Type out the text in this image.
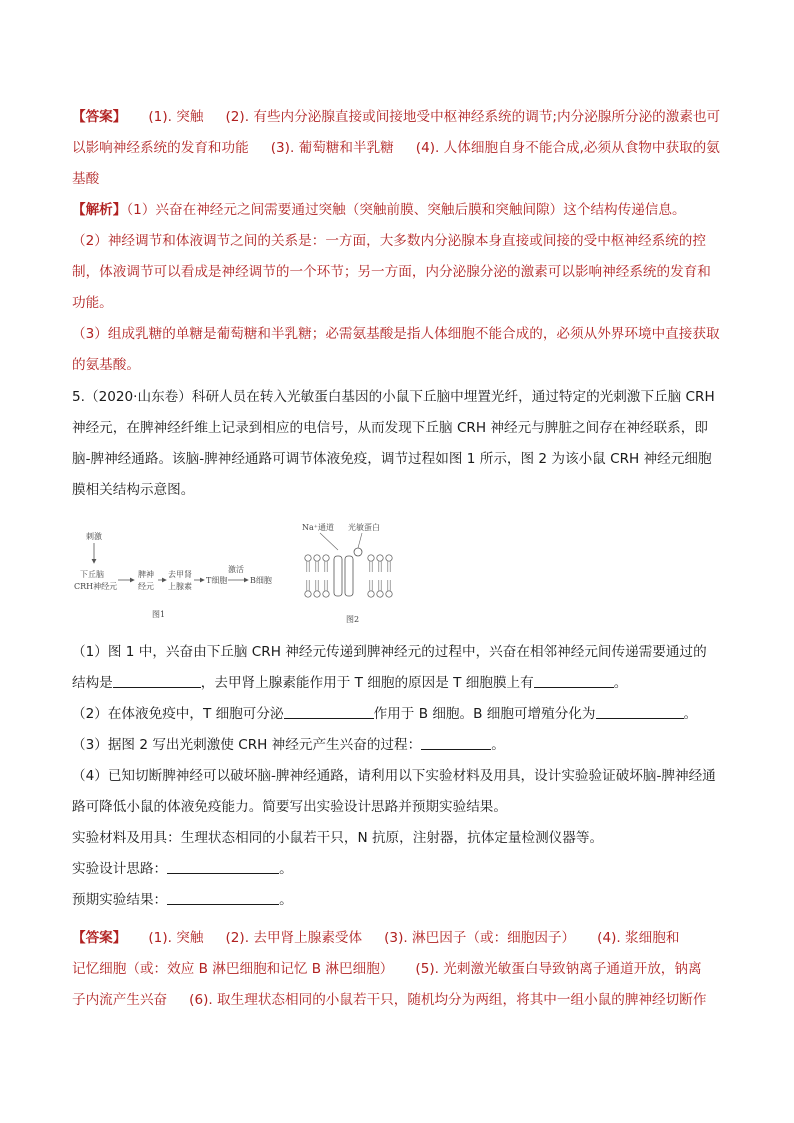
【答案】 (1). 突触 (2). 有些内分泌腺直接或间接地受中枢神经系统的调节;内分泌腺所分泌的激素也可以影响神经系统的发育和功能 (3). 葡萄糖和半乳糖 (4). 人体细胞自身不能合成,必须从食物中获取的氨基酸
【解析】（1）兴奋在神经元之间需要通过突触（突触前膜、突触后膜和突触间隙）这个结构传递信息。
（2）神经调节和体液调节之间的关系是：一方面，大多数内分泌腺本身直接或间接的受中枢神经系统的控制，体液调节可以看成是神经调节的一个环节；另一方面，内分泌腺分泌的激素可以影响神经系统的发育和功能。
（3）组成乳糖的单糖是葡萄糖和半乳糖；必需氨基酸是指人体细胞不能合成的，必须从外界环境中直接获取的氨基酸。
5.（2020·山东卷）科研人员在转入光敏蛋白基因的小鼠下丘脑中埋置光纤，通过特定的光刺激下丘脑 CRH 神经元，在脾神经纤维上记录到相应的电信号，从而发现下丘脑 CRH 神经元与脾脏之间存在神经联系，即脑-脾神经通路。该脑-脾神经通路可调节体液免疫，调节过程如图 1 所示，图 2 为该小鼠 CRH 神经元细胞膜相关结构示意图。
刺激
下丘脑
CRH神经元
脾神
经元
去甲肾
上腺素
T细胞
激活
B细胞
图1
Na⁺通道 光敏蛋白
图2
（1）图 1 中，兴奋由下丘脑 CRH 神经元传递到脾神经元的过程中，兴奋在相邻神经元间传递需要通过的
结构是	，去甲肾上腺素能作用于 T 细胞的原因是 T 细胞膜上有	。
（2）在体液免疫中，T 细胞可分泌	作用于 B 细胞。B 细胞可增殖分化为	。
（3）据图 2 写出光刺激使 CRH 神经元产生兴奋的过程：	。
（4）已知切断脾神经可以破坏脑-脾神经通路，请利用以下实验材料及用具，设计实验验证破坏脑-脾神经通路可降低小鼠的体液免疫能力。简要写出实验设计思路并预期实验结果。
实验材料及用具：生理状态相同的小鼠若干只，N 抗原，注射器，抗体定量检测仪器等。
实验设计思路：	。
预期实验结果：	。
【答案】 (1). 突触 (2). 去甲肾上腺素受体 (3). 淋巴因子（或：细胞因子） (4). 浆细胞和
记忆细胞（或：效应 B 淋巴细胞和记忆 B 淋巴细胞） (5). 光刺激光敏蛋白导致钠离子通道开放，钠离
子内流产生兴奋 (6). 取生理状态相同的小鼠若干只，随机均分为两组，将其中一组小鼠的脾神经切断作
